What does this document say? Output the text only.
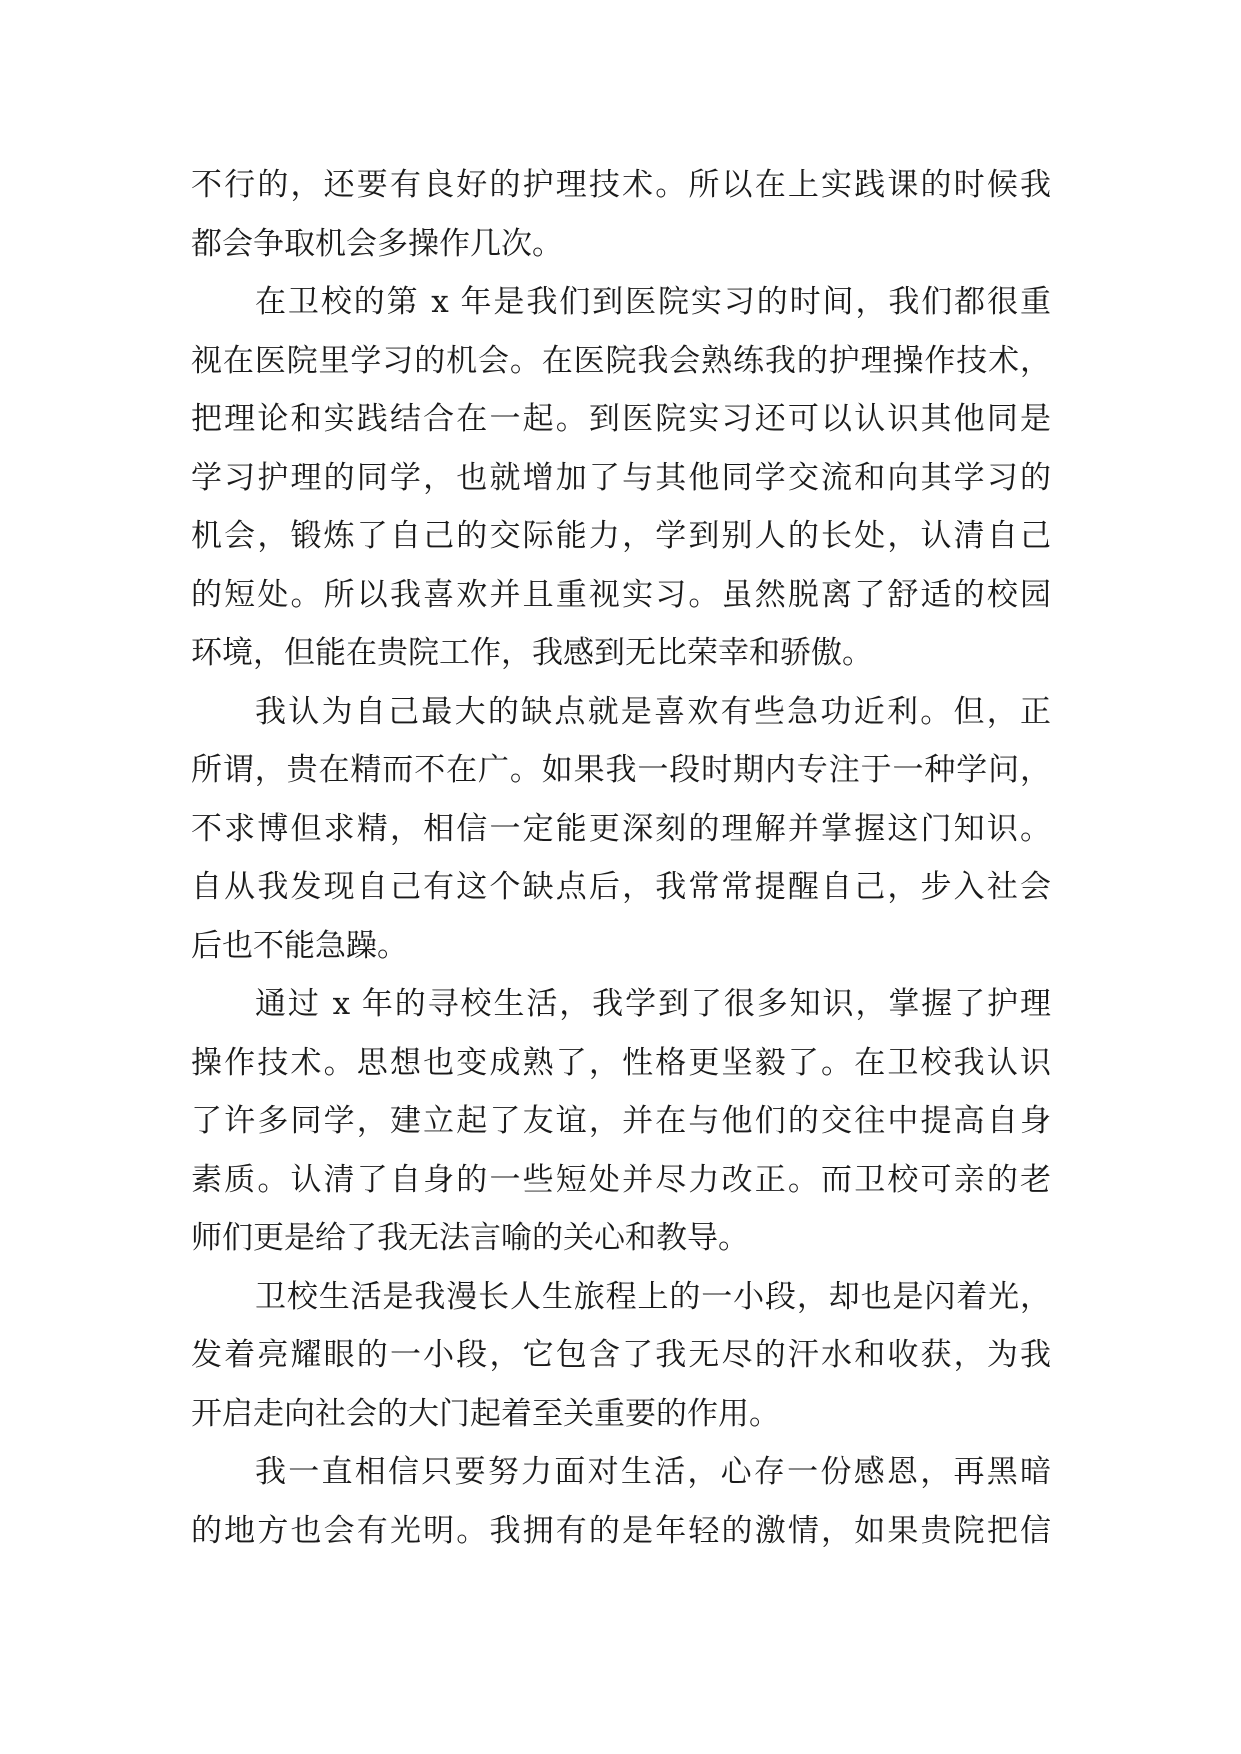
不行的，还要有良好的护理技术。所以在上实践课的时候我
都会争取机会多操作几次。
在卫校的第 x 年是我们到医院实习的时间，我们都很重
视在医院里学习的机会。在医院我会熟练我的护理操作技术，
把理论和实践结合在一起。到医院实习还可以认识其他同是
学习护理的同学，也就增加了与其他同学交流和向其学习的
机会，锻炼了自己的交际能力，学到别人的长处，认清自己
的短处。所以我喜欢并且重视实习。虽然脱离了舒适的校园
环境，但能在贵院工作，我感到无比荣幸和骄傲。
我认为自己最大的缺点就是喜欢有些急功近利。但，正
所谓，贵在精而不在广。如果我一段时期内专注于一种学问，
不求博但求精，相信一定能更深刻的理解并掌握这门知识。
自从我发现自己有这个缺点后，我常常提醒自己，步入社会
后也不能急躁。
通过 x 年的寻校生活，我学到了很多知识，掌握了护理
操作技术。思想也变成熟了，性格更坚毅了。在卫校我认识
了许多同学，建立起了友谊，并在与他们的交往中提高自身
素质。认清了自身的一些短处并尽力改正。而卫校可亲的老
师们更是给了我无法言喻的关心和教导。
卫校生活是我漫长人生旅程上的一小段，却也是闪着光，
发着亮耀眼的一小段，它包含了我无尽的汗水和收获，为我
开启走向社会的大门起着至关重要的作用。
我一直相信只要努力面对生活，心存一份感恩，再黑暗
的地方也会有光明。我拥有的是年轻的激情，如果贵院把信
